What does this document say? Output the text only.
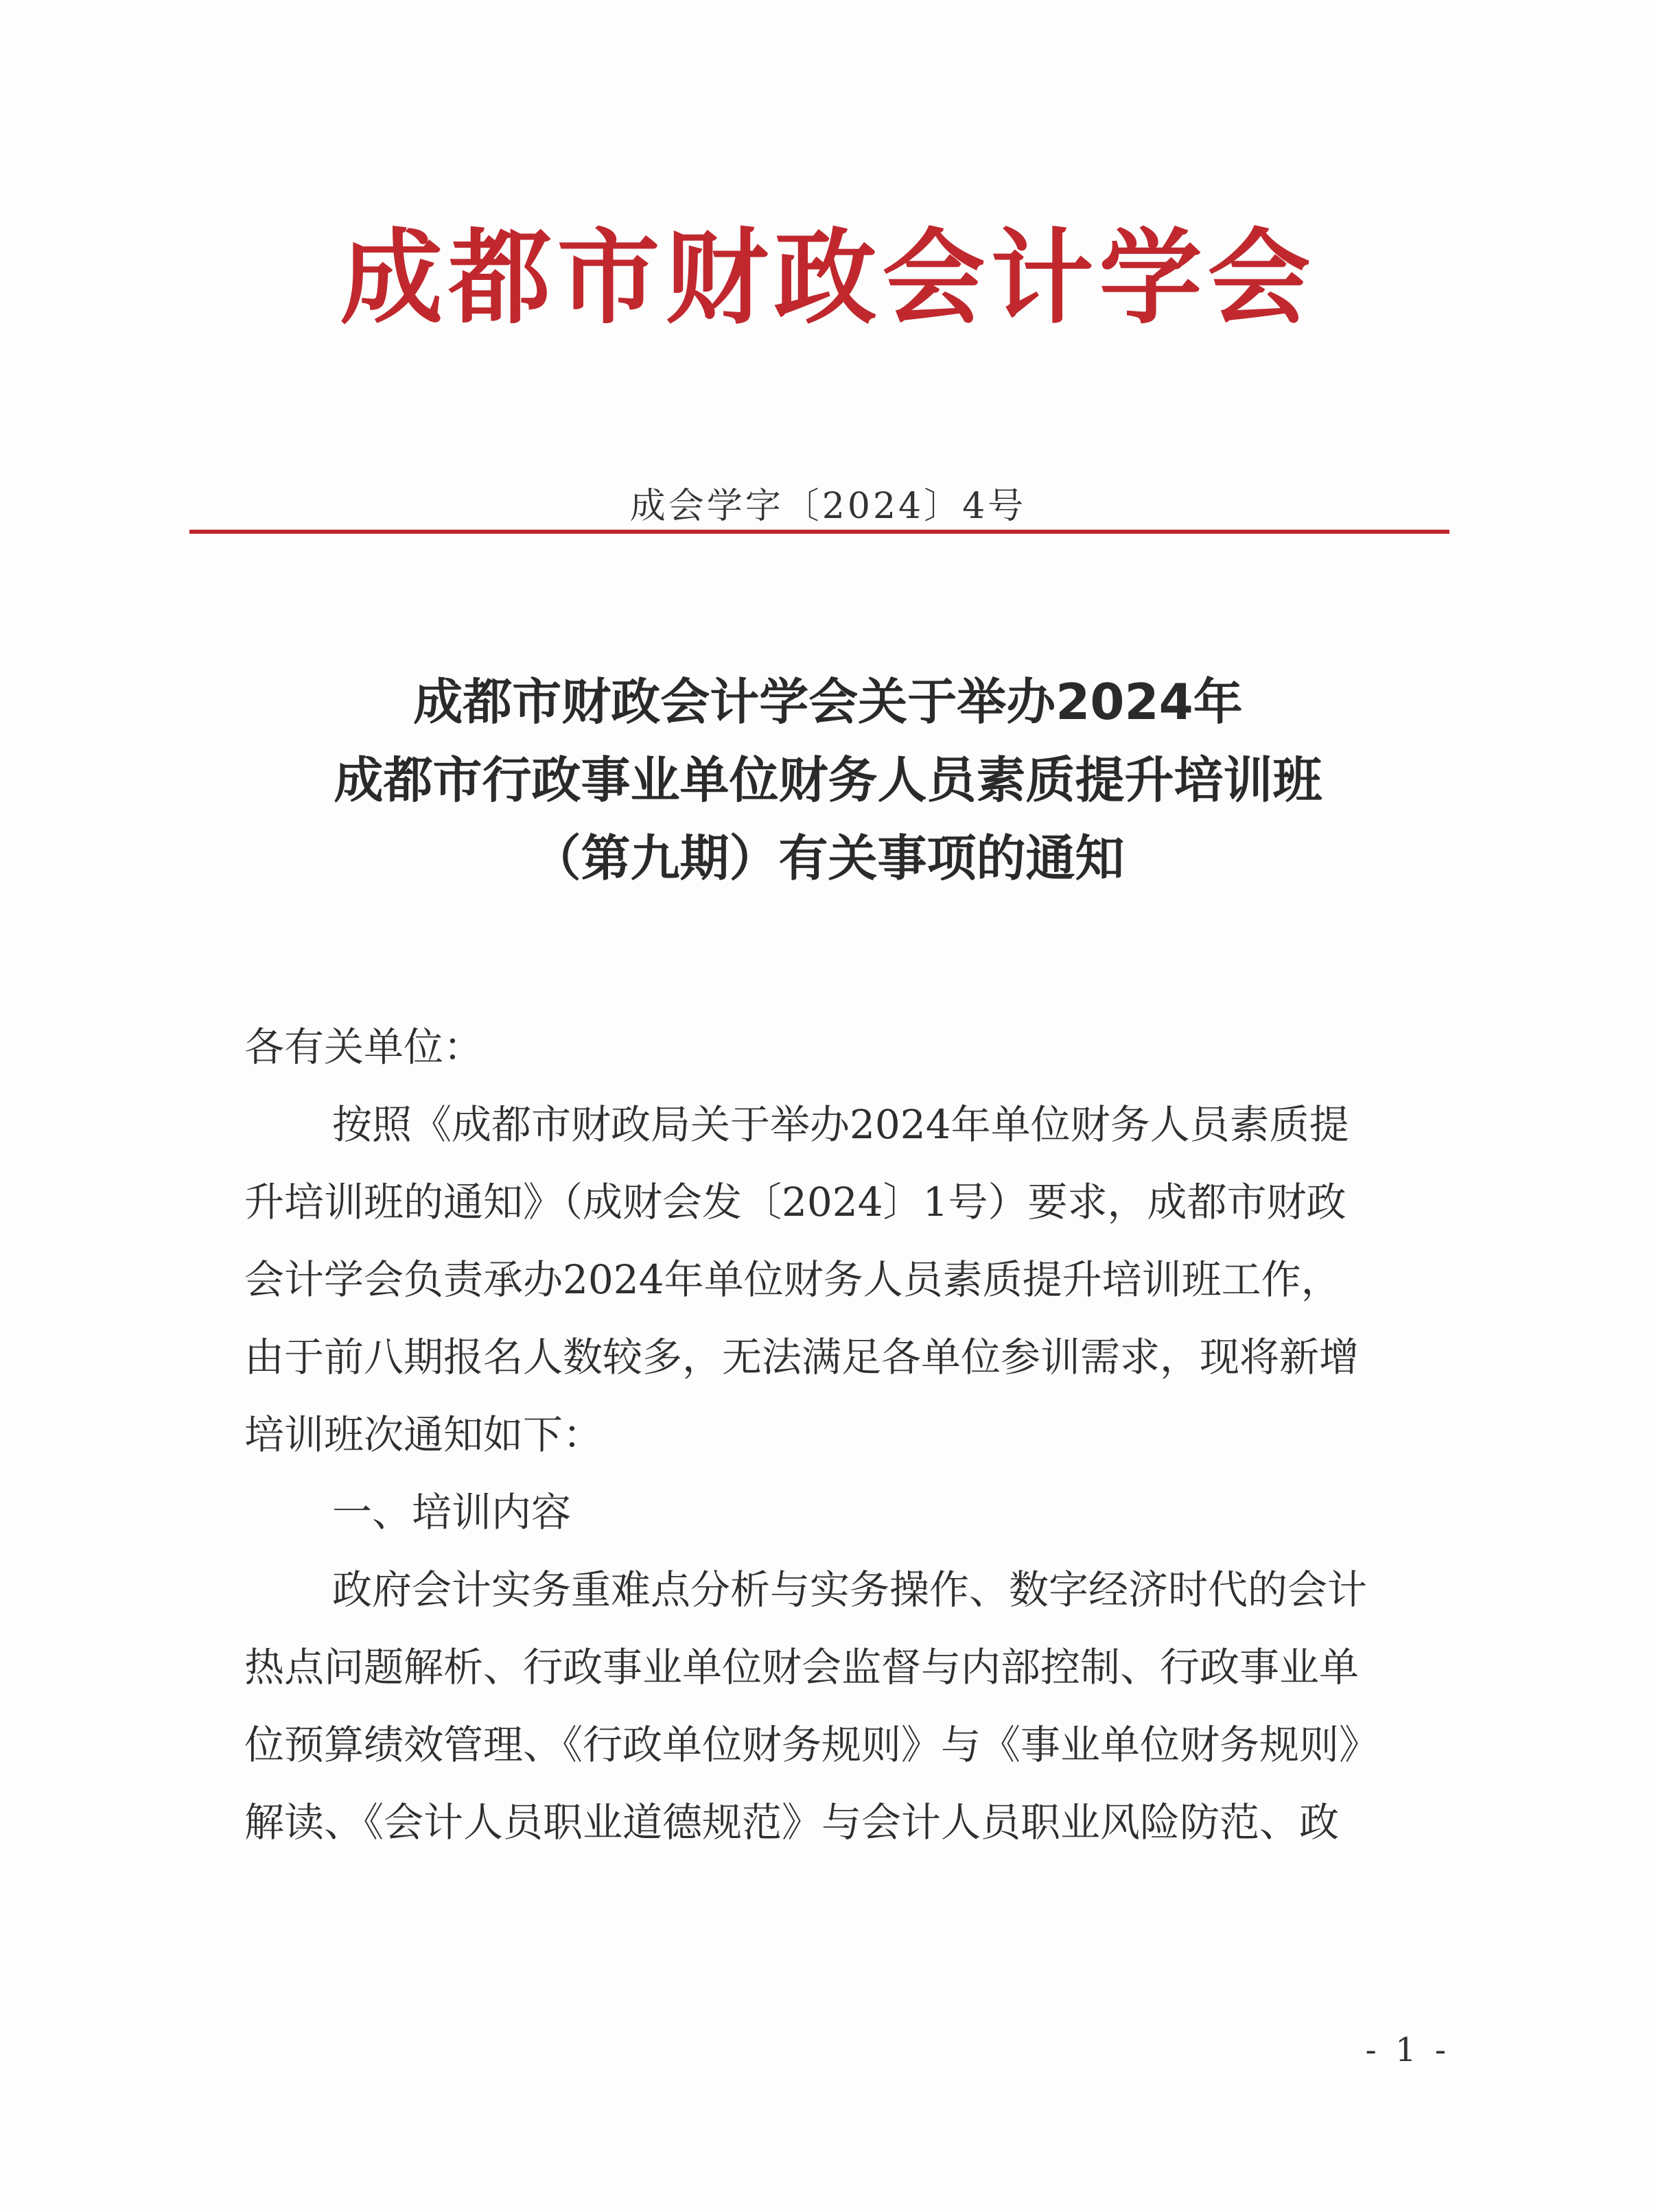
成都市财政会计学会
成会学字〔2024〕4号
成都市财政会计学会关于举办2024年
成都市行政事业单位财务人员素质提升培训班
（第九期）有关事项的通知

各有关单位：

按照《成都市财政局关于举办2024年单位财务人员素质提

升培训班的通知》（成财会发〔2024〕1号）要求，成都市财政

会计学会负责承办2024年单位财务人员素质提升培训班工作，

由于前八期报名人数较多，无法满足各单位参训需求，现将新增

培训班次通知如下：

一、培训内容

政府会计实务重难点分析与实务操作、数字经济时代的会计

热点问题解析、行政事业单位财会监督与内部控制、行政事业单

位预算绩效管理、《行政单位财务规则》与《事业单位财务规则》

解读、《会计人员职业道德规范》与会计人员职业风险防范、政

- 1 -
